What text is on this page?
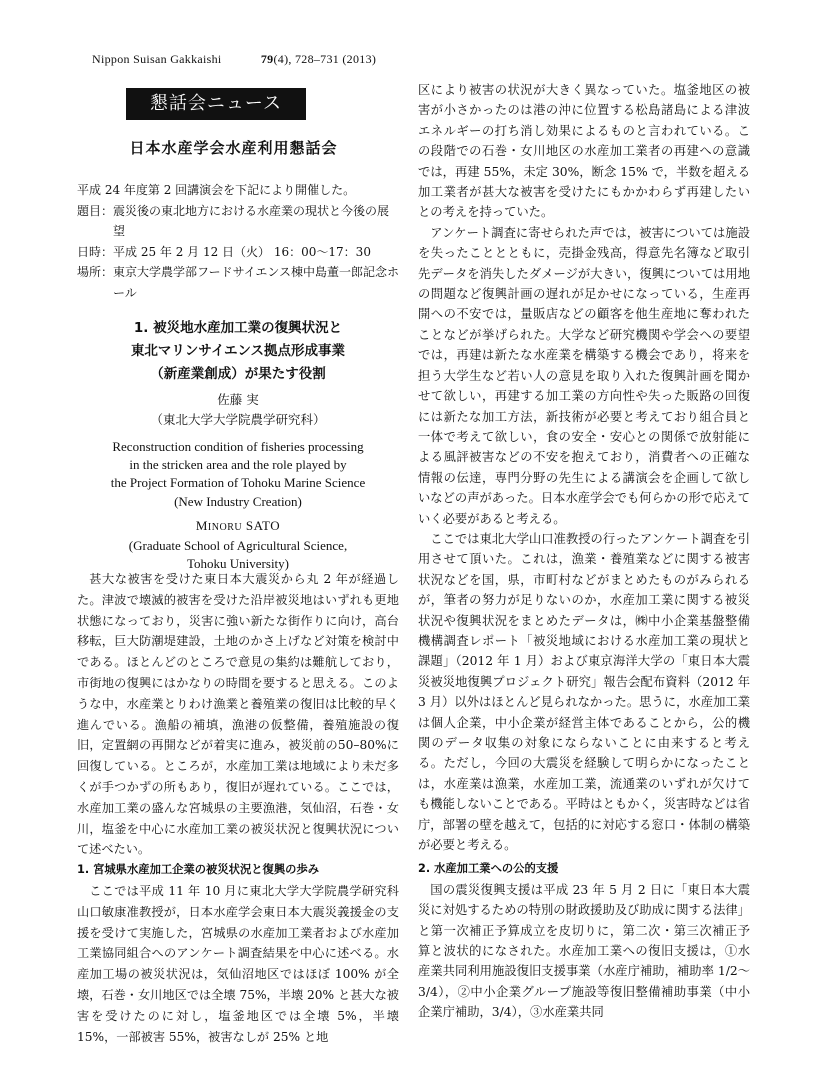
Nippon Suisan Gakkaishi	79(4), 728–731 (2013)
懇話会ニュース
日本水産学会水産利用懇話会
平成 24 年度第 2 回講演会を下記により開催した。
題目： 震災後の東北地方における水産業の現状と今後の展望
日時： 平成 25 年 2 月 12 日（火） 16：00～17：30
場所： 東京大学農学部フードサイエンス棟中島董一郎記念ホール
1. 被災地水産加工業の復興状況と
東北マリンサイエンス拠点形成事業
（新産業創成）が果たす役割
佐藤 実
（東北大学大学院農学研究科）
Reconstruction condition of fisheries processing
in the stricken area and the role played by
the Project Formation of Tohoku Marine Science
(New Industry Creation)
MINORU SATO
(Graduate School of Agricultural Science,
Tohoku University)

甚大な被害を受けた東日本大震災から丸 2 年が経過した。津波で壊滅的被害を受けた沿岸被災地はいずれも更地状態になっており，災害に強い新たな街作りに向け，高台移転，巨大防潮堤建設，土地のかさ上げなど対策を検討中である。ほとんどのところで意見の集約は難航しており，市街地の復興にはかなりの時間を要すると思える。このような中，水産業とりわけ漁業と養殖業の復旧は比較的早く進んでいる。漁船の補填，漁港の仮整備，養殖施設の復旧，定置網の再開などが着実に進み，被災前の50–80%に回復している。ところが，水産加工業は地域により未だ多くが手つかずの所もあり，復旧が遅れている。ここでは，水産加工業の盛んな宮城県の主要漁港，気仙沼，石巻・女川，塩釜を中心に水産加工業の被災状況と復興状況について述べたい。

1. 宮城県水産加工企業の被災状況と復興の歩み

ここでは平成 11 年 10 月に東北大学大学院農学研究科山口敏康准教授が，日本水産学会東日本大震災義援金の支援を受けて実施した，宮城県の水産加工業者および水産加工業協同組合へのアンケート調査結果を中心に述べる。水産加工場の被災状況は，気仙沼地区ではほぼ 100% が全壊，石巻・女川地区では全壊 75%，半壊 20% と甚大な被害を受けたのに対し，塩釜地区では全壊 5%，半壊 15%，一部被害 55%，被害なしが 25% と地

区により被害の状況が大きく異なっていた。塩釜地区の被害が小さかったのは港の沖に位置する松島諸島による津波エネルギーの打ち消し効果によるものと言われている。この段階での石巻・女川地区の水産加工業者の再建への意識では，再建 55%，未定 30%，断念 15% で，半数を超える加工業者が甚大な被害を受けたにもかかわらず再建したいとの考えを持っていた。

アンケート調査に寄せられた声では，被害については施設を失ったこととともに，売掛金残高，得意先名簿など取引先データを消失したダメージが大きい，復興については用地の問題など復興計画の遅れが足かせになっている，生産再開への不安では，量販店などの顧客を他生産地に奪われたことなどが挙げられた。大学など研究機関や学会への要望では，再建は新たな水産業を構築する機会であり，将来を担う大学生など若い人の意見を取り入れた復興計画を聞かせて欲しい，再建する加工業の方向性や失った販路の回復には新たな加工方法，新技術が必要と考えており組合員と一体で考えて欲しい，食の安全・安心との関係で放射能による風評被害などの不安を抱えており，消費者への正確な情報の伝達，専門分野の先生による講演会を企画して欲しいなどの声があった。日本水産学会でも何らかの形で応えていく必要があると考える。

ここでは東北大学山口准教授の行ったアンケート調査を引用させて頂いた。これは，漁業・養殖業などに関する被害状況などを国，県，市町村などがまとめたものがみられるが，筆者の努力が足りないのか，水産加工業に関する被災状況や復興状況をまとめたデータは，㈱中小企業基盤整備機構調査レポート「被災地域における水産加工業の現状と課題」（2012 年 1 月）および東京海洋大学の「東日本大震災被災地復興プロジェクト研究」報告会配布資料（2012 年 3 月）以外はほとんど見られなかった。思うに，水産加工業は個人企業，中小企業が経営主体であることから，公的機関のデータ収集の対象にならないことに由来すると考える。ただし，今回の大震災を経験して明らかになったことは，水産業は漁業，水産加工業，流通業のいずれが欠けても機能しないことである。平時はともかく，災害時などは省庁，部署の壁を越えて，包括的に対応する窓口・体制の構築が必要と考える。

2. 水産加工業への公的支援

国の震災復興支援は平成 23 年 5 月 2 日に「東日本大震災に対処するための特別の財政援助及び助成に関する法律」と第一次補正予算成立を皮切りに，第二次・第三次補正予算と波状的になされた。水産加工業への復旧支援は，①水産業共同利用施設復旧支援事業（水産庁補助，補助率 1/2～3/4），②中小企業グループ施設等復旧整備補助事業（中小企業庁補助，3/4），③水産業共同
